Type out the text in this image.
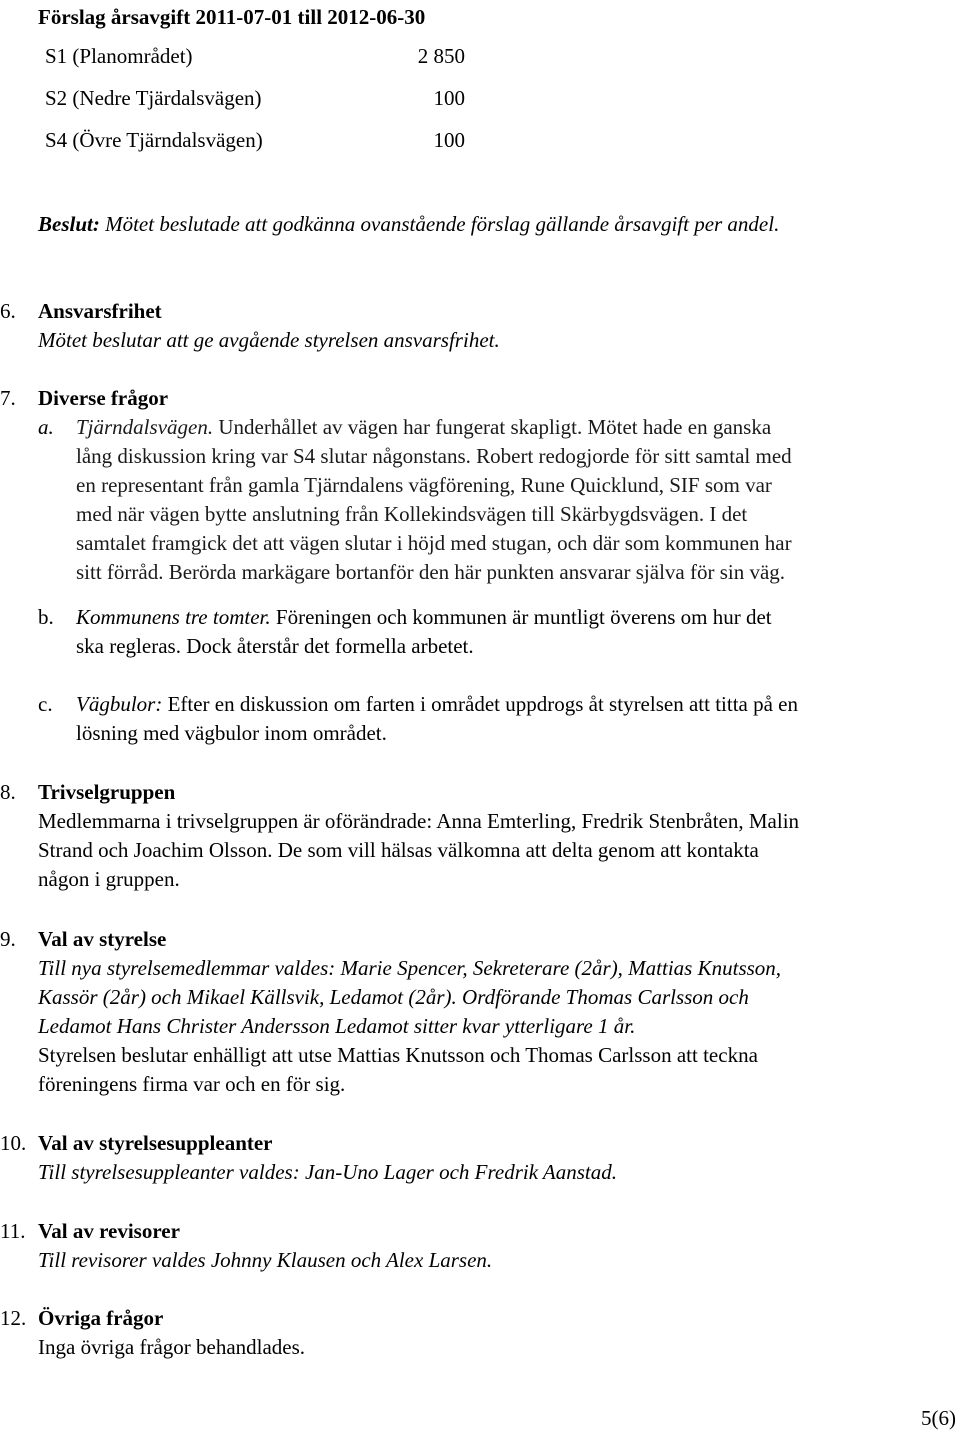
Förslag årsavgift 2011-07-01 till 2012-06-30
S1 (Planområdet)	2 850
S2 (Nedre Tjärdalsvägen)	100
S4 (Övre Tjärndalsvägen)	100
Beslut: Mötet beslutade att godkänna ovanstående förslag gällande årsavgift per andel.
6. Ansvarsfrihet
Mötet beslutar att ge avgående styrelsen ansvarsfrihet.
7. Diverse frågor
a. Tjärndalsvägen. Underhållet av vägen har fungerat skapligt. Mötet hade en ganska
lång diskussion kring var S4 slutar någonstans. Robert redogjorde för sitt samtal med
en representant från gamla Tjärndalens vägförening, Rune Quicklund, SIF som var
med när vägen bytte anslutning från Kollekindsvägen till Skärbygdsvägen. I det
samtalet framgick det att vägen slutar i höjd med stugan, och där som kommunen har
sitt förråd. Berörda markägare bortanför den här punkten ansvarar själva för sin väg.
b. Kommunens tre tomter. Föreningen och kommunen är muntligt överens om hur det
ska regleras. Dock återstår det formella arbetet.
c. Vägbulor: Efter en diskussion om farten i området uppdrogs åt styrelsen att titta på en
lösning med vägbulor inom området.
8. Trivselgruppen
Medlemmarna i trivselgruppen är oförändrade: Anna Emterling, Fredrik Stenbråten, Malin
Strand och Joachim Olsson. De som vill hälsas välkomna att delta genom att kontakta
någon i gruppen.
9. Val av styrelse
Till nya styrelsemedlemmar valdes: Marie Spencer, Sekreterare (2år), Mattias Knutsson,
Kassör (2år) och Mikael Källsvik, Ledamot (2år). Ordförande Thomas Carlsson och
Ledamot Hans Christer Andersson Ledamot sitter kvar ytterligare 1 år.
Styrelsen beslutar enhälligt att utse Mattias Knutsson och Thomas Carlsson att teckna
föreningens firma var och en för sig.
10. Val av styrelsesuppleanter
Till styrelsesuppleanter valdes: Jan-Uno Lager och Fredrik Aanstad.
11. Val av revisorer
Till revisorer valdes Johnny Klausen och Alex Larsen.
12. Övriga frågor
Inga övriga frågor behandlades.
5(6)
